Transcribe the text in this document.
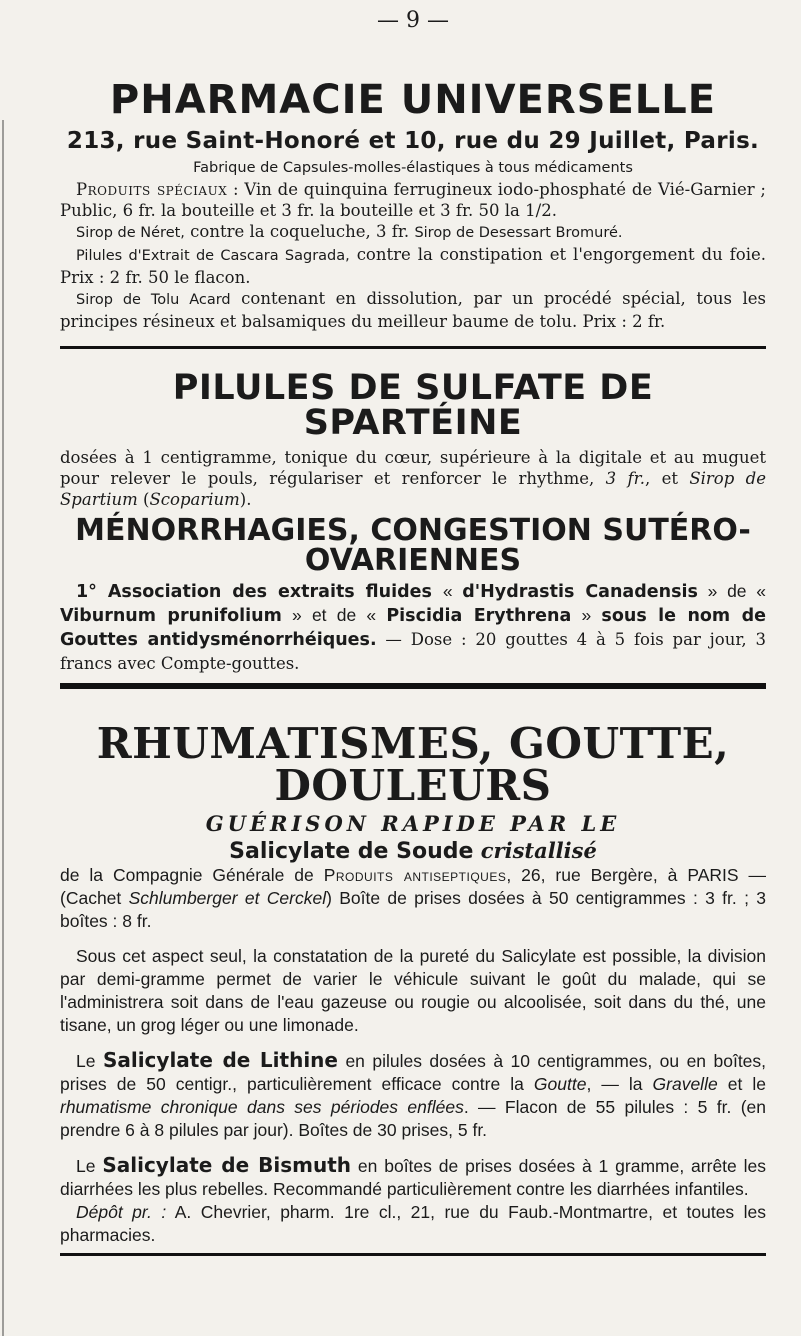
— 9 —
PHARMACIE UNIVERSELLE
213, rue Saint-Honoré et 10, rue du 29 Juillet, Paris.

Fabrique de Capsules-molles-élastiques à tous médicaments

Produits spéciaux : Vin de quinquina ferrugineux iodo-phosphaté de Vié-Garnier ; Public, 6 fr. la bouteille et 3 fr. la bouteille et 3 fr. 50 la 1/2.

Sirop de Néret, contre la coqueluche, 3 fr. Sirop de Desessart Bromuré.

Pilules d'Extrait de Cascara Sagrada, contre la constipation et l'engorgement du foie. Prix : 2 fr. 50 le flacon.

Sirop de Tolu Acard contenant en dissolution, par un procédé spécial, tous les principes résineux et balsamiques du meilleur baume de tolu. Prix : 2 fr.

PILULES DE SULFATE DE SPARTÉINE

dosées à 1 centigramme, tonique du cœur, supérieure à la digitale et au muguet pour relever le pouls, régulariser et renforcer le rhythme, 3 fr., et Sirop de Spartium (Scoparium).

MÉNORRHAGIES, CONGESTION SUTÉRO-OVARIENNES

1° Association des extraits fluides « d'Hydrastis Canadensis » de « Viburnum prunifolium » et de « Piscidia Erythrena » sous le nom de Gouttes antidysménorrhéiques. — Dose : 20 gouttes 4 à 5 fois par jour, 3 francs avec Compte-gouttes.

RHUMATISMES, GOUTTE, DOULEURS
GUÉRISON RAPIDE PAR LE
Salicylate de Soude cristallisé

de la Compagnie Générale de Produits antiseptiques, 26, rue Bergère, à PARIS — (Cachet Schlumberger et Cerckel) Boîte de prises dosées à 50 centigrammes : 3 fr. ; 3 boîtes : 8 fr.

Sous cet aspect seul, la constatation de la pureté du Salicylate est possible, la division par demi-gramme permet de varier le véhicule suivant le goût du malade, qui se l'administrera soit dans de l'eau gazeuse ou rougie ou alcoolisée, soit dans du thé, une tisane, un grog léger ou une limonade.

Le Salicylate de Lithine en pilules dosées à 10 centigrammes, ou en boîtes, prises de 50 centigr., particulièrement efficace contre la Goutte, — la Gravelle et le rhumatisme chronique dans ses périodes enflées. — Flacon de 55 pilules : 5 fr. (en prendre 6 à 8 pilules par jour). Boîtes de 30 prises, 5 fr.

Le Salicylate de Bismuth en boîtes de prises dosées à 1 gramme, arrête les diarrhées les plus rebelles. Recommandé particulièrement contre les diarrhées infantiles.

Dépôt pr. : A. Chevrier, pharm. 1re cl., 21, rue du Faub.-Montmartre, et toutes les pharmacies.
